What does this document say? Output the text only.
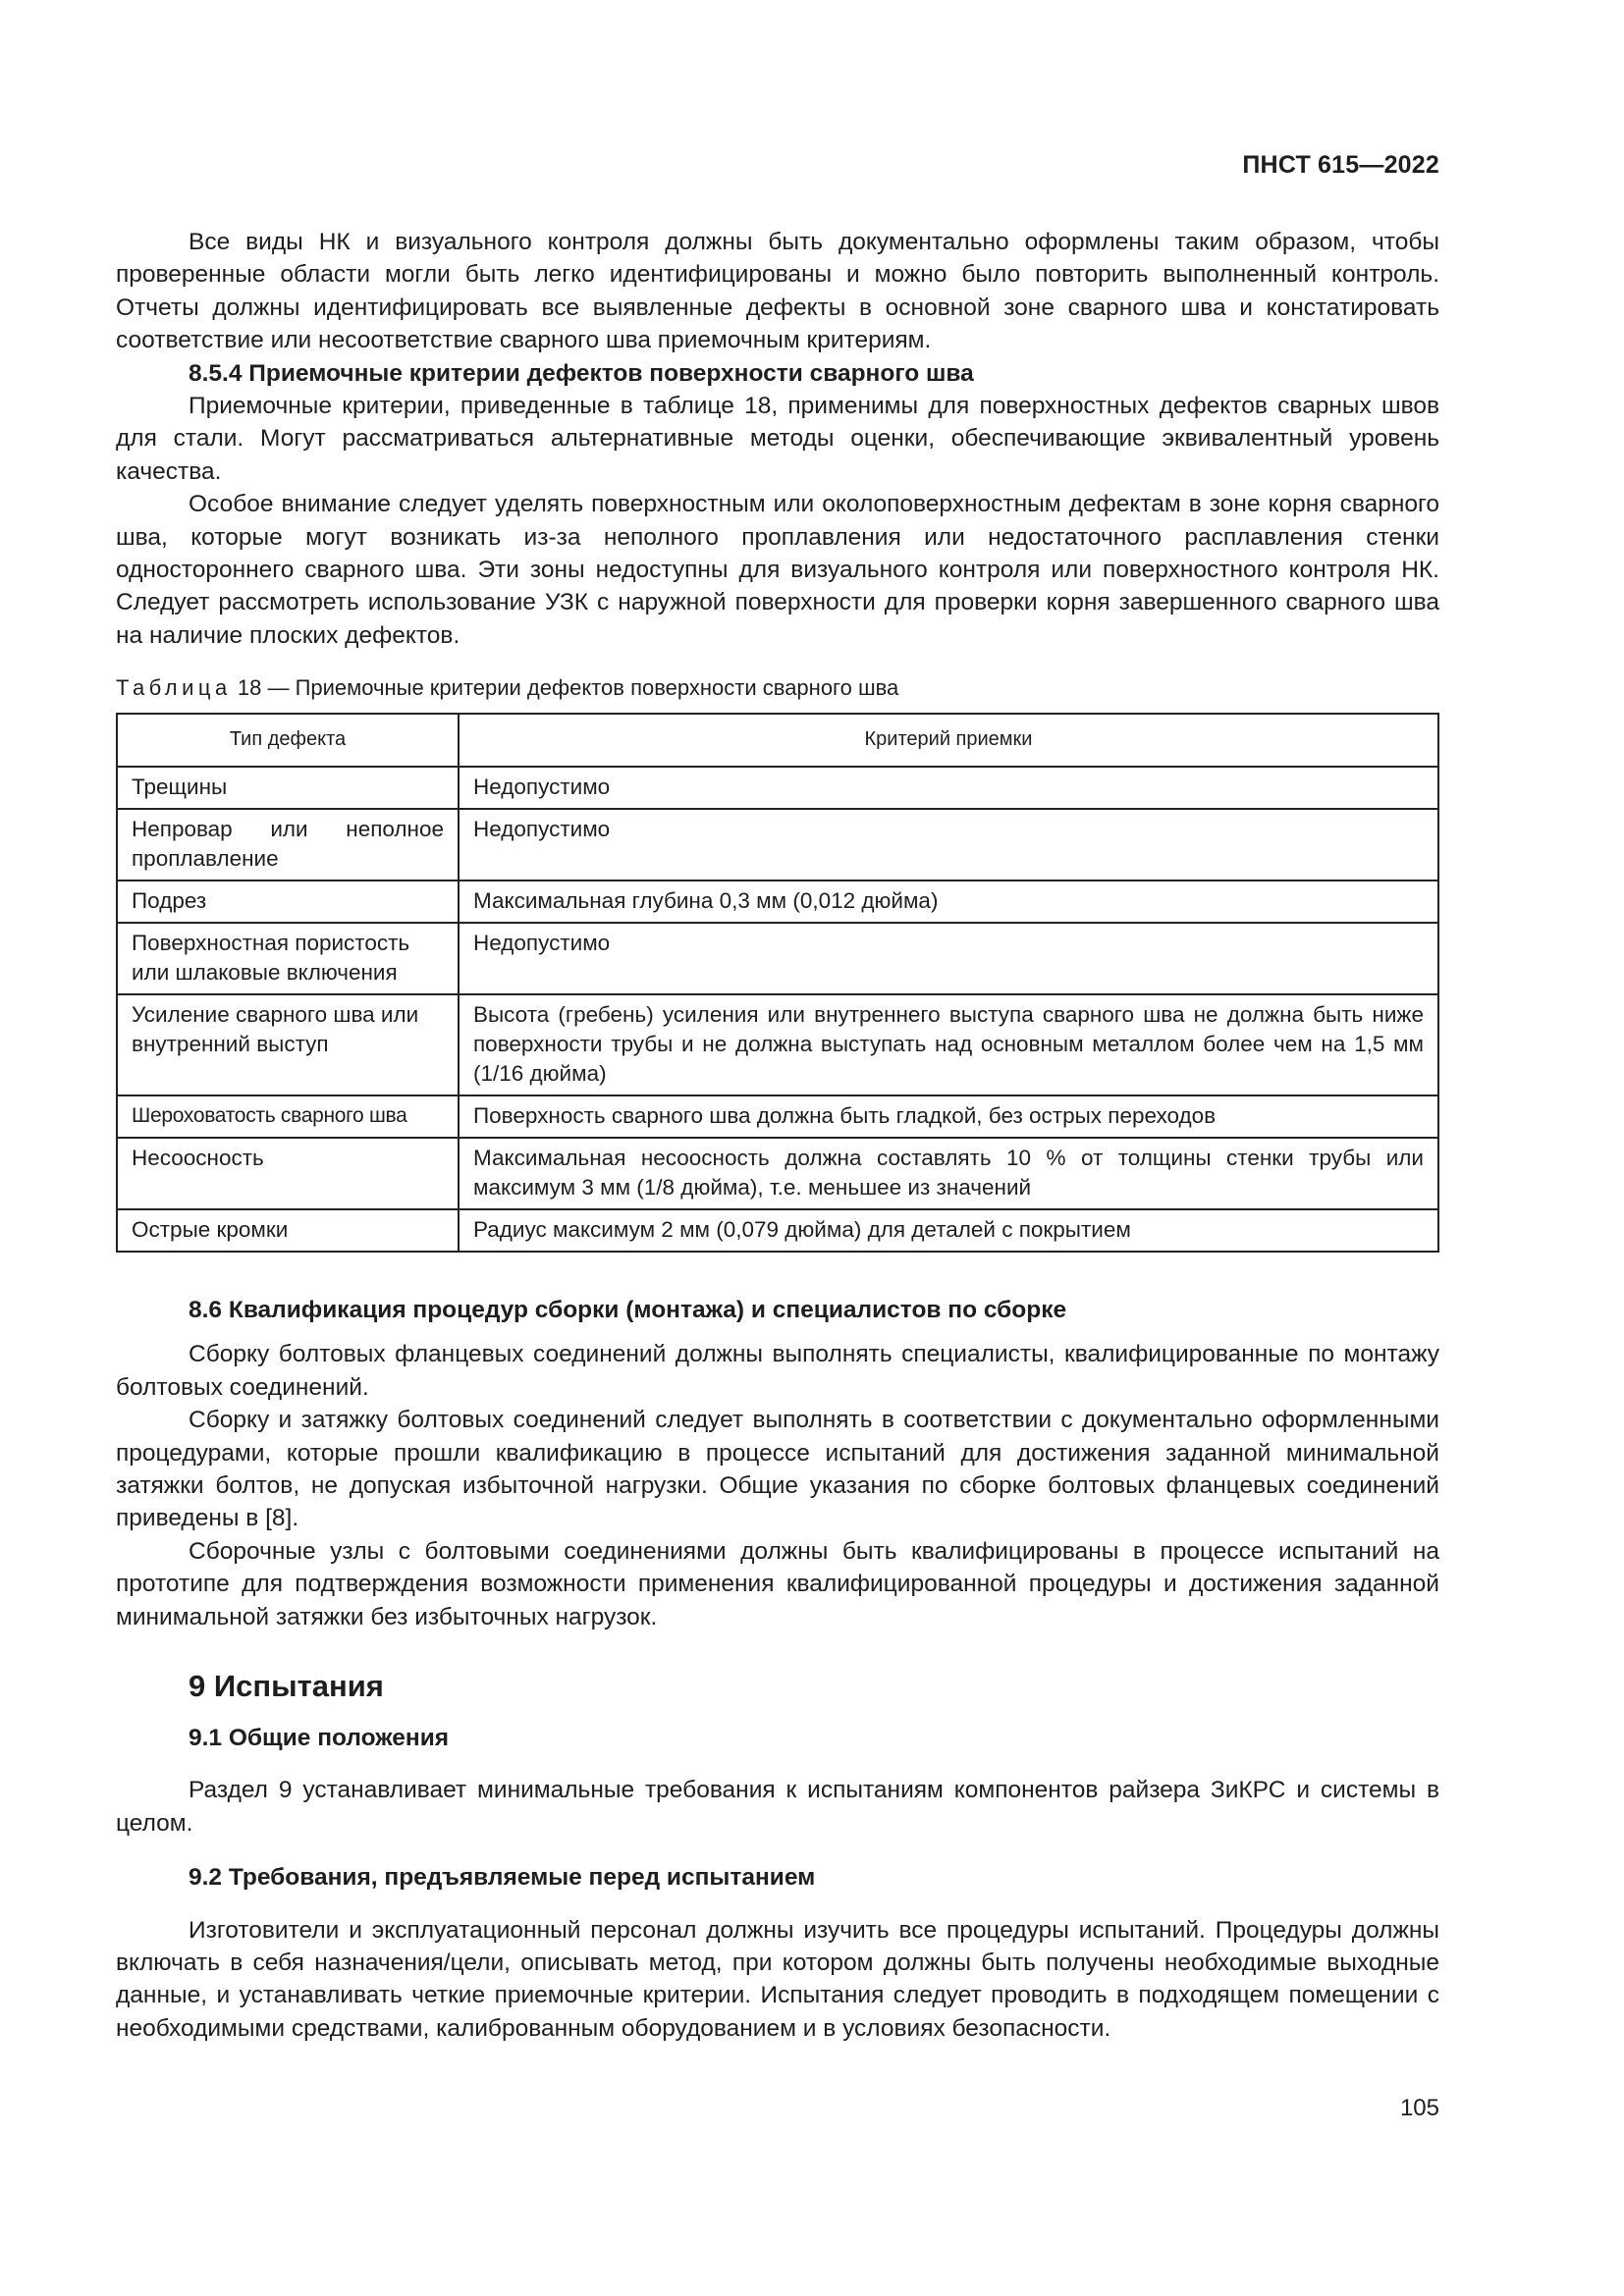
ПНСТ 615—2022

Все виды НК и визуального контроля должны быть документально оформлены таким образом, чтобы проверенные области могли быть легко идентифицированы и можно было повторить выполненный контроль. Отчеты должны идентифицировать все выявленные дефекты в основной зоне сварного шва и констатировать соответствие или несоответствие сварного шва приемочным критериям.

8.5.4 Приемочные критерии дефектов поверхности сварного шва

Приемочные критерии, приведенные в таблице 18, применимы для поверхностных дефектов сварных швов для стали. Могут рассматриваться альтернативные методы оценки, обеспечивающие эквивалентный уровень качества.

Особое внимание следует уделять поверхностным или околоповерхностным дефектам в зоне корня сварного шва, которые могут возникать из-за неполного проплавления или недостаточного расплавления стенки одностороннего сварного шва. Эти зоны недоступны для визуального контроля или поверхностного контроля НК. Следует рассмотреть использование УЗК с наружной поверхности для проверки корня завершенного сварного шва на наличие плоских дефектов.

Таблица 18 — Приемочные критерии дефектов поверхности сварного шва
Тип дефекта	Критерий приемки
Трещины	Недопустимо
Непровар или неполное проплавление	Недопустимо
Подрез	Максимальная глубина 0,3 мм (0,012 дюйма)
Поверхностная пористость или шлаковые включения	Недопустимо
Усиление сварного шва или внутренний выступ	Высота (гребень) усиления или внутреннего выступа сварного шва не должна быть ниже поверхности трубы и не должна выступать над основным металлом более чем на 1,5 мм (1/16 дюйма)
Шероховатость сварного шва	Поверхность сварного шва должна быть гладкой, без острых переходов
Несоосность	Максимальная несоосность должна составлять 10 % от толщины стенки трубы или максимум 3 мм (1/8 дюйма), т.е. меньшее из значений
Острые кромки	Радиус максимум 2 мм (0,079 дюйма) для деталей с покрытием

8.6 Квалификация процедур сборки (монтажа) и специалистов по сборке

Сборку болтовых фланцевых соединений должны выполнять специалисты, квалифицированные по монтажу болтовых соединений.

Сборку и затяжку болтовых соединений следует выполнять в соответствии с документально оформленными процедурами, которые прошли квалификацию в процессе испытаний для достижения заданной минимальной затяжки болтов, не допуская избыточной нагрузки. Общие указания по сборке болтовых фланцевых соединений приведены в [8].

Сборочные узлы с болтовыми соединениями должны быть квалифицированы в процессе испытаний на прототипе для подтверждения возможности применения квалифицированной процедуры и достижения заданной минимальной затяжки без избыточных нагрузок.

9 Испытания

9.1 Общие положения

Раздел 9 устанавливает минимальные требования к испытаниям компонентов райзера ЗиКРС и системы в целом.

9.2 Требования, предъявляемые перед испытанием

Изготовители и эксплуатационный персонал должны изучить все процедуры испытаний. Процедуры должны включать в себя назначения/цели, описывать метод, при котором должны быть получены необходимые выходные данные, и устанавливать четкие приемочные критерии. Испытания следует проводить в подходящем помещении с необходимыми средствами, калиброванным оборудованием и в условиях безопасности.

105
